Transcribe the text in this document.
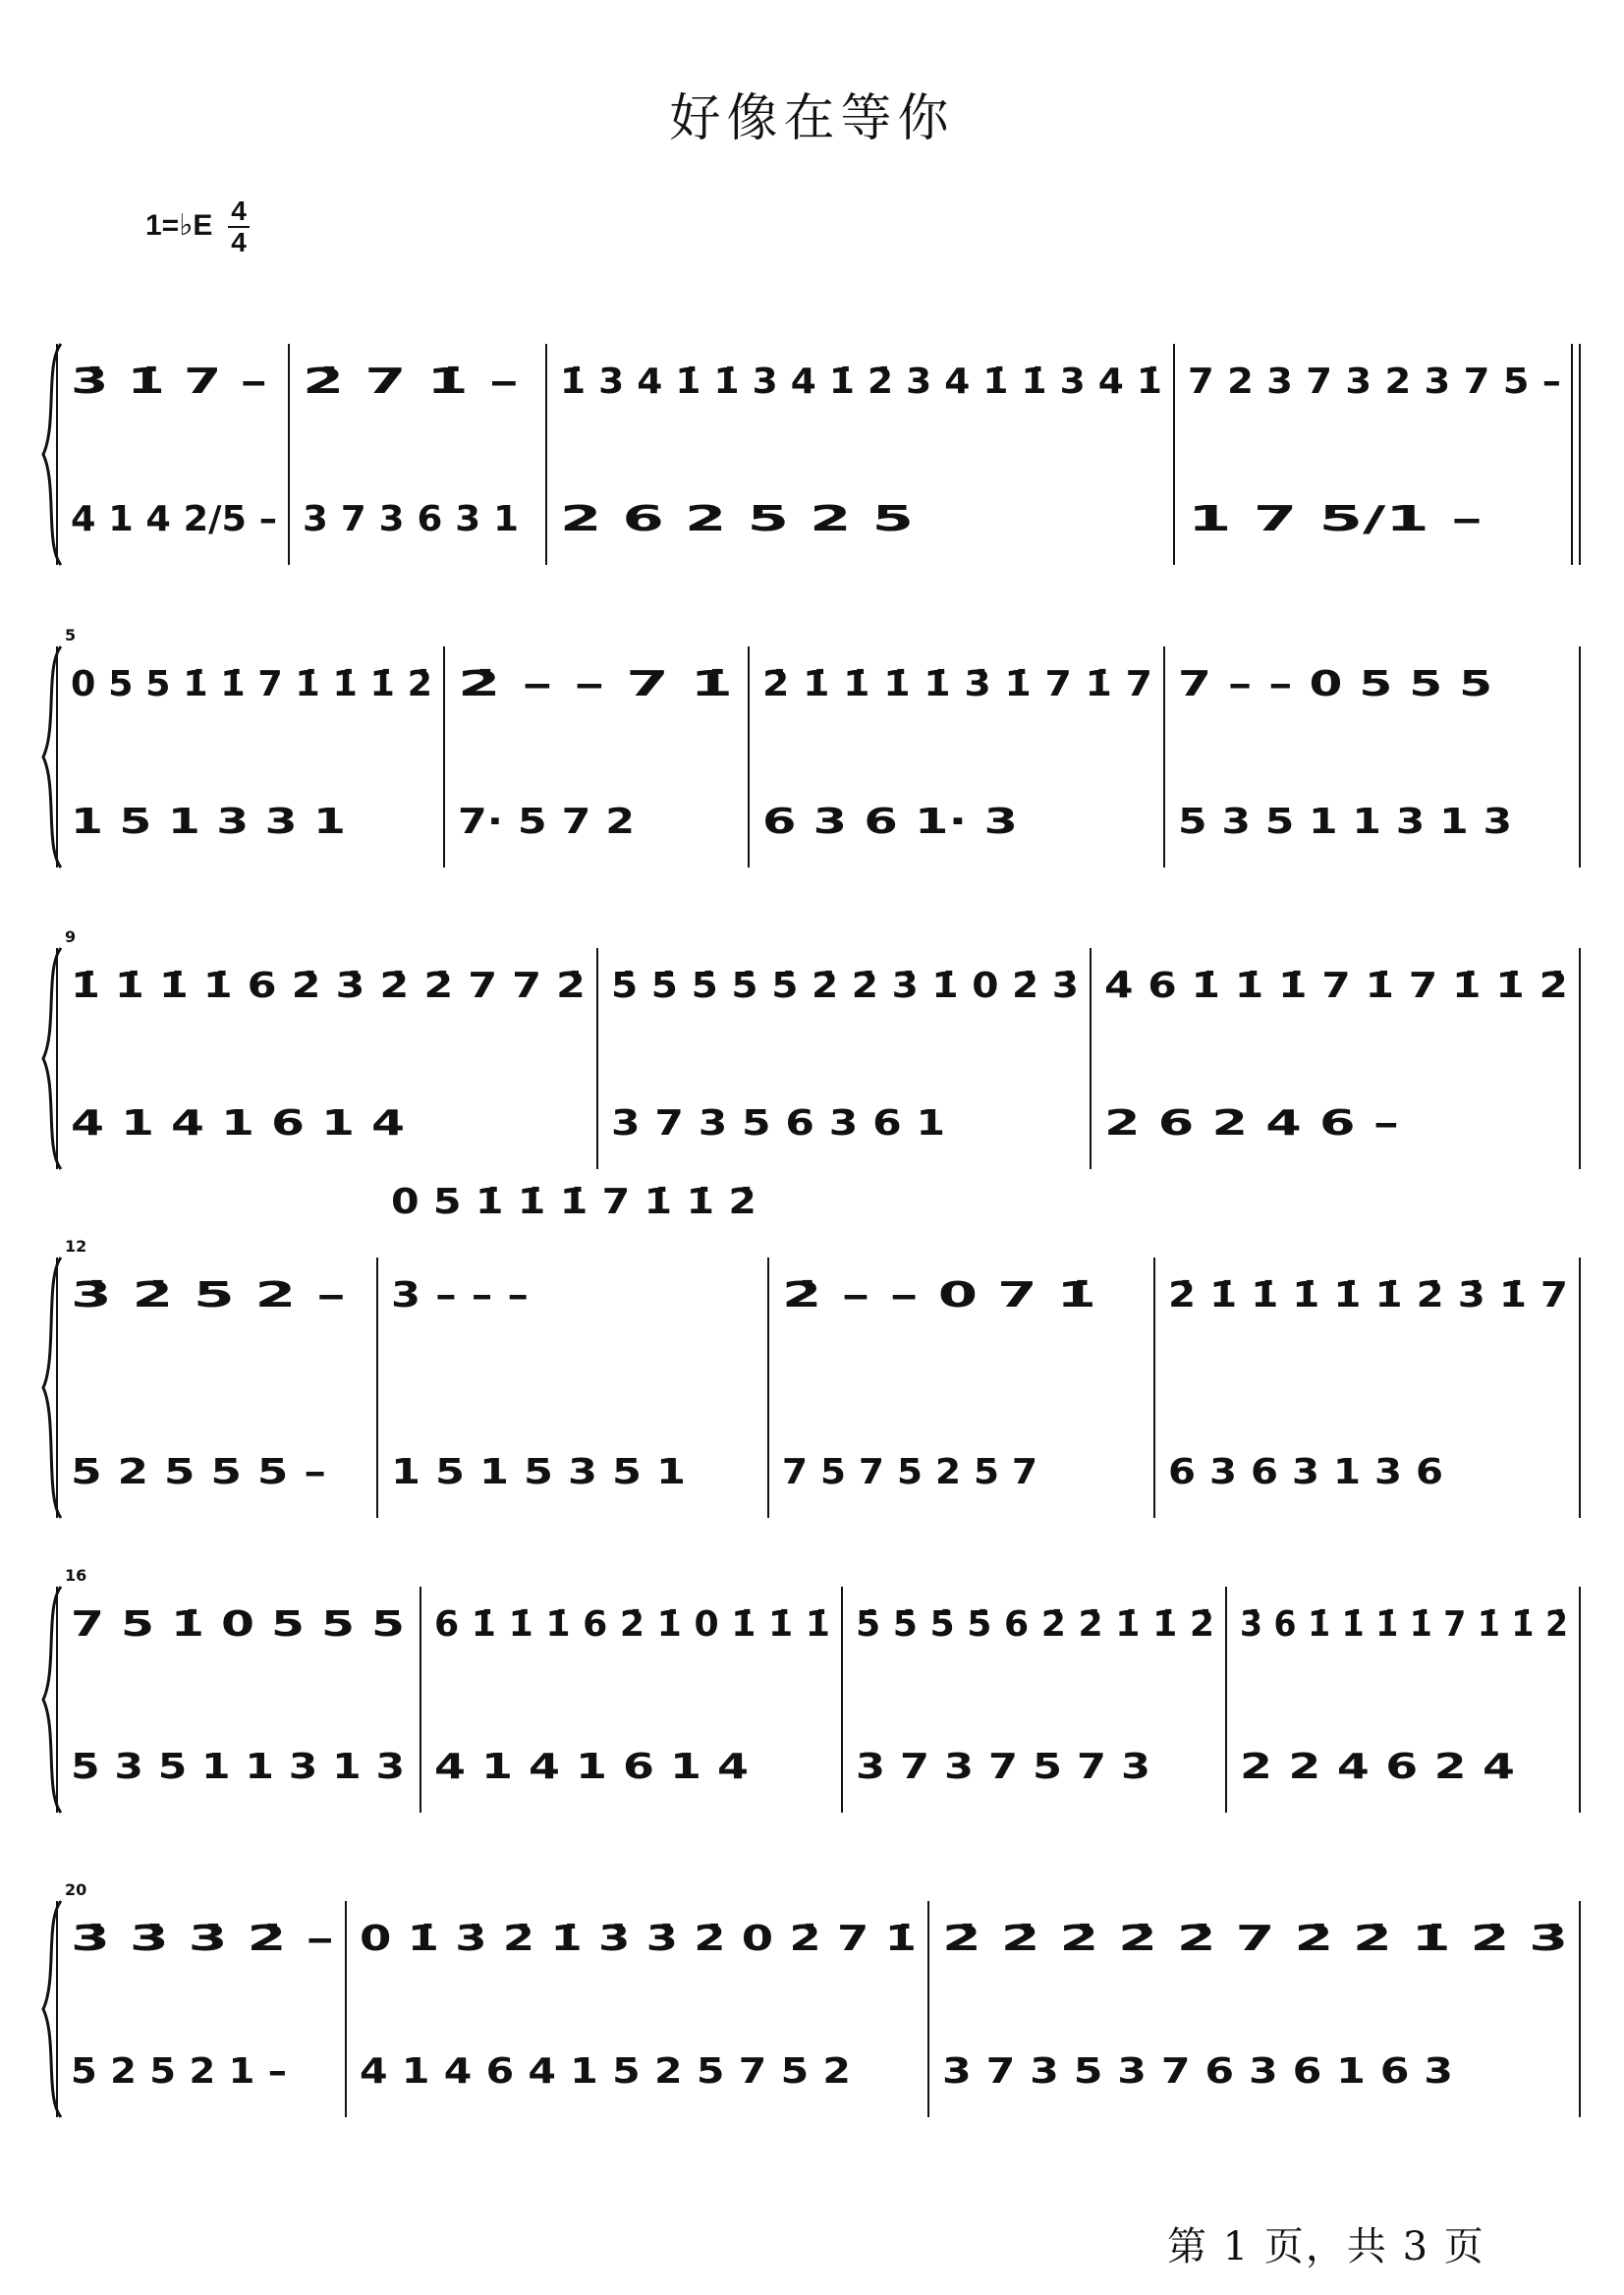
好像在等你
1=♭E 4
4
3̇ 1̇ 7 –
4 1 4 2/5 –
2̇ 7 1̇ –
3 7 3 6 3 1
1̇ 3 4 1̇ 1̇ 3 4 1̇ 2̇ 3 4 1̇ 1̇ 3 4 1̇
2 6 2 5 2 5
7 2 3 7 3 2 3 7 5 –
1 7 5/1 –
5
0 5 5 1̇ 1̇ 7 1̇ 1̇ 1̇ 2̇
1 5 1 3 3 1
2̇ – – 7 1̇
7· 5 7 2
2̇ 1̇ 1̇ 1̇ 1̇ 3̇ 1̇ 7 1̇ 7
6 3 6 1· 3
7 – – 0 5 5 5
5 3 5 1 1 3 1 3
9
1̇ 1̇ 1̇ 1̇ 6 2̇ 3̇ 2̇ 2̇ 7 7 2̇
4 1 4 1 6 1 4
5̇ 5̇ 5̇ 5̇ 5̇ 2̇ 2̇ 3̇ 1̇ 0 2̇ 3̇
3 7 3 5 6 3 6 1
4̇ 6 1̇ 1̇ 1̇ 7 1̇ 7 1̇ 1̇ 2̇
2 6 2 4 6 –
12
3̇ 2̇ 5 2 –
5 2 5 5 5 –
0 5 1̇ 1̇ 1̇ 7 1̇ 1̇ 2̇
3 – – –
1 5 1 5 3 5 1
2̇ – – 0 7 1̇
7 5 7 5 2 5 7
2̇ 1̇ 1̇ 1̇ 1̇ 1̇ 2̇ 3̇ 1̇ 7
6 3 6 3 1 3 6
16
7 5 1̇ 0 5 5 5
5 3 5 1 1 3 1 3
6 1̇ 1̇ 1̇ 6 2̇ 1̇ 0 1̇ 1̇ 1̇
4 1 4 1 6 1 4
5̇ 5̇ 5̇ 5̇ 6 2̇ 2̇ 1̇ 1̇ 2̇
3 7 3 7 5 7 3
3̇ 6 1̇ 1̇ 1̇ 1̇ 7 1̇ 1̇ 2̇
2 2 4 6 2 4
20
3̇ 3̇ 3̇ 2̇ –
5 2 5 2 1 –
0 1̇ 3̇ 2̇ 1̇ 3̇ 3̇ 2̇ 0 2̇ 7 1̇
4 1 4 6 4 1 5 2 5 7 5 2
2̇ 2̇ 2̇ 2̇ 2̇ 7 2̇ 2̇ 1̇ 2̇ 3̇
3 7 3 5 3 7 6 3 6 1 6 3
第 1 页，共 3 页
